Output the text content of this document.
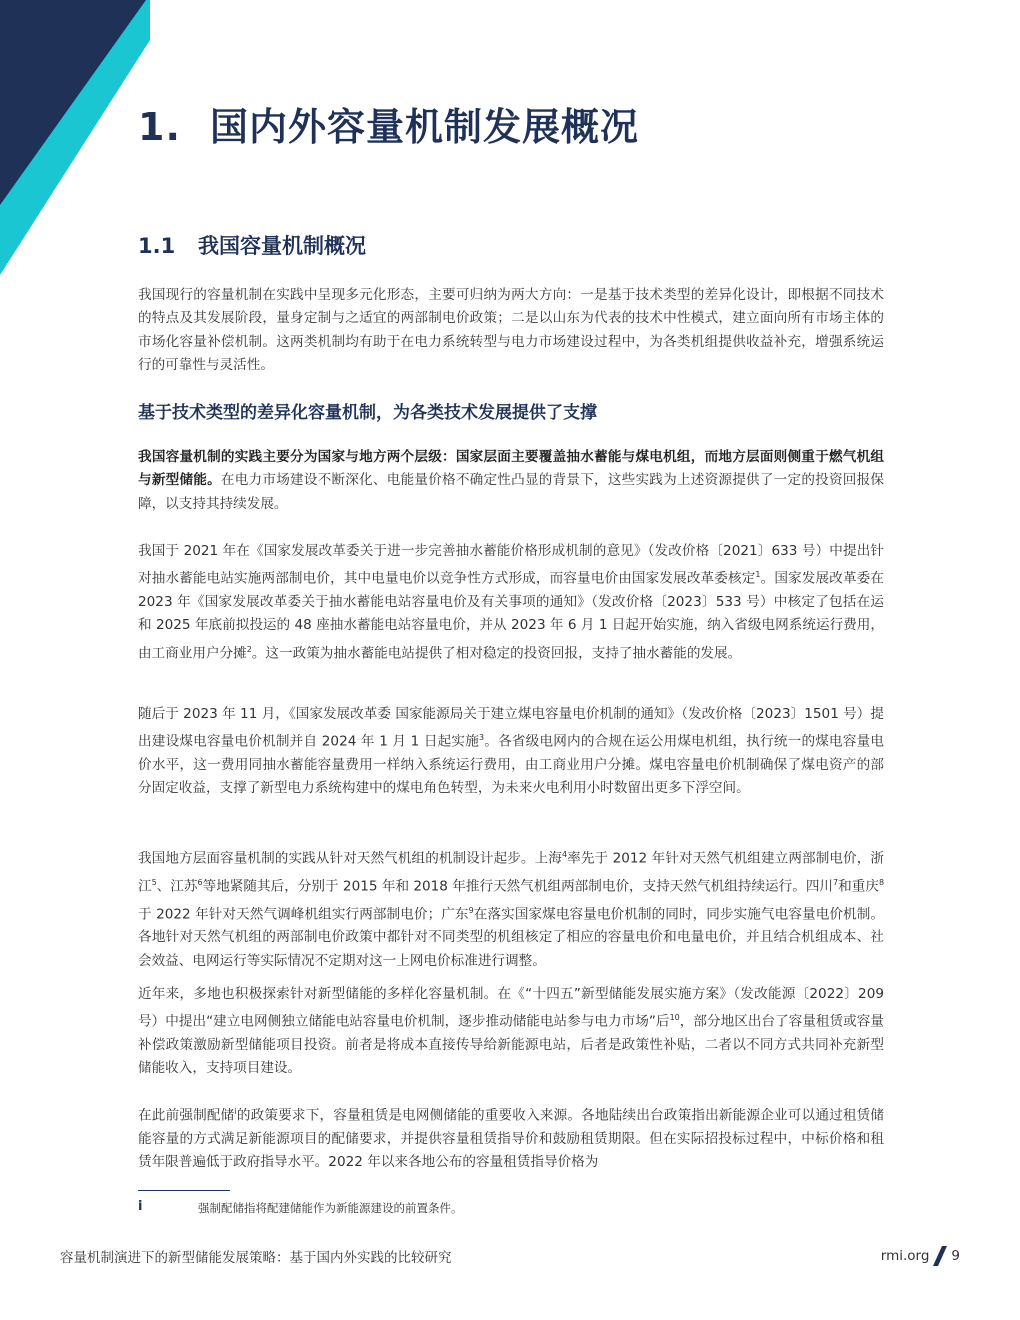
1. 国内外容量机制发展概况
1.1 我国容量机制概况

我国现行的容量机制在实践中呈现多元化形态，主要可归纳为两大方向：一是基于技术类型的差异化设计，即根据不同技术的特点及其发展阶段，量身定制与之适宜的两部制电价政策；二是以山东为代表的技术中性模式，建立面向所有市场主体的市场化容量补偿机制。这两类机制均有助于在电力系统转型与电力市场建设过程中，为各类机组提供收益补充，增强系统运行的可靠性与灵活性。

基于技术类型的差异化容量机制，为各类技术发展提供了支撑

我国容量机制的实践主要分为国家与地方两个层级：国家层面主要覆盖抽水蓄能与煤电机组，而地方层面则侧重于燃气机组与新型储能。在电力市场建设不断深化、电能量价格不确定性凸显的背景下，这些实践为上述资源提供了一定的投资回报保障，以支持其持续发展。

我国于 2021 年在《国家发展改革委关于进一步完善抽水蓄能价格形成机制的意见》（发改价格〔2021〕633 号）中提出针对抽水蓄能电站实施两部制电价，其中电量电价以竞争性方式形成，而容量电价由国家发展改革委核定$^1$。国家发展改革委在 2023 年《国家发展改革委关于抽水蓄能电站容量电价及有关事项的通知》（发改价格〔2023〕533 号）中核定了包括在运和 2025 年底前拟投运的 48 座抽水蓄能电站容量电价，并从 2023 年 6 月 1 日起开始实施，纳入省级电网系统运行费用，由工商业用户分摊$^2$。这一政策为抽水蓄能电站提供了相对稳定的投资回报，支持了抽水蓄能的发展。

随后于 2023 年 11 月，《国家发展改革委 国家能源局关于建立煤电容量电价机制的通知》（发改价格〔2023〕1501 号）提出建设煤电容量电价机制并自 2024 年 1 月 1 日起实施$^3$。各省级电网内的合规在运公用煤电机组，执行统一的煤电容量电价水平，这一费用同抽水蓄能容量费用一样纳入系统运行费用，由工商业用户分摊。煤电容量电价机制确保了煤电资产的部分固定收益，支撑了新型电力系统构建中的煤电角色转型，为未来火电利用小时数留出更多下浮空间。

我国地方层面容量机制的实践从针对天然气机组的机制设计起步。上海$^4$率先于 2012 年针对天然气机组建立两部制电价，浙江$^5$、江苏$^6$等地紧随其后，分别于 2015 年和 2018 年推行天然气机组两部制电价，支持天然气机组持续运行。四川$^7$和重庆$^8$于 2022 年针对天然气调峰机组实行两部制电价；广东$^9$在落实国家煤电容量电价机制的同时，同步实施气电容量电价机制。各地针对天然气机组的两部制电价政策中都针对不同类型的机组核定了相应的容量电价和电量电价，并且结合机组成本、社会效益、电网运行等实际情况不定期对这一上网电价标准进行调整。

近年来，多地也积极探索针对新型储能的多样化容量机制。在《“十四五”新型储能发展实施方案》（发改能源〔2022〕209 号）中提出“建立电网侧独立储能电站容量电价机制，逐步推动储能电站参与电力市场”后$^{10}$，部分地区出台了容量租赁或容量补偿政策激励新型储能项目投资。前者是将成本直接传导给新能源电站，后者是政策性补贴，二者以不同方式共同补充新型储能收入，支持项目建设。

在此前强制配储$^i$的政策要求下，容量租赁是电网侧储能的重要收入来源。各地陆续出台政策指出新能源企业可以通过租赁储能容量的方式满足新能源项目的配储要求，并提供容量租赁指导价和鼓励租赁期限。但在实际招投标过程中，中标价格和租赁年限普遍低于政府指导水平。2022 年以来各地公布的容量租赁指导价格为

i	强制配储指将配建储能作为新能源建设的前置条件。
容量机制演进下的新型储能发展策略：基于国内外实践的比较研究	rmi.org 9
